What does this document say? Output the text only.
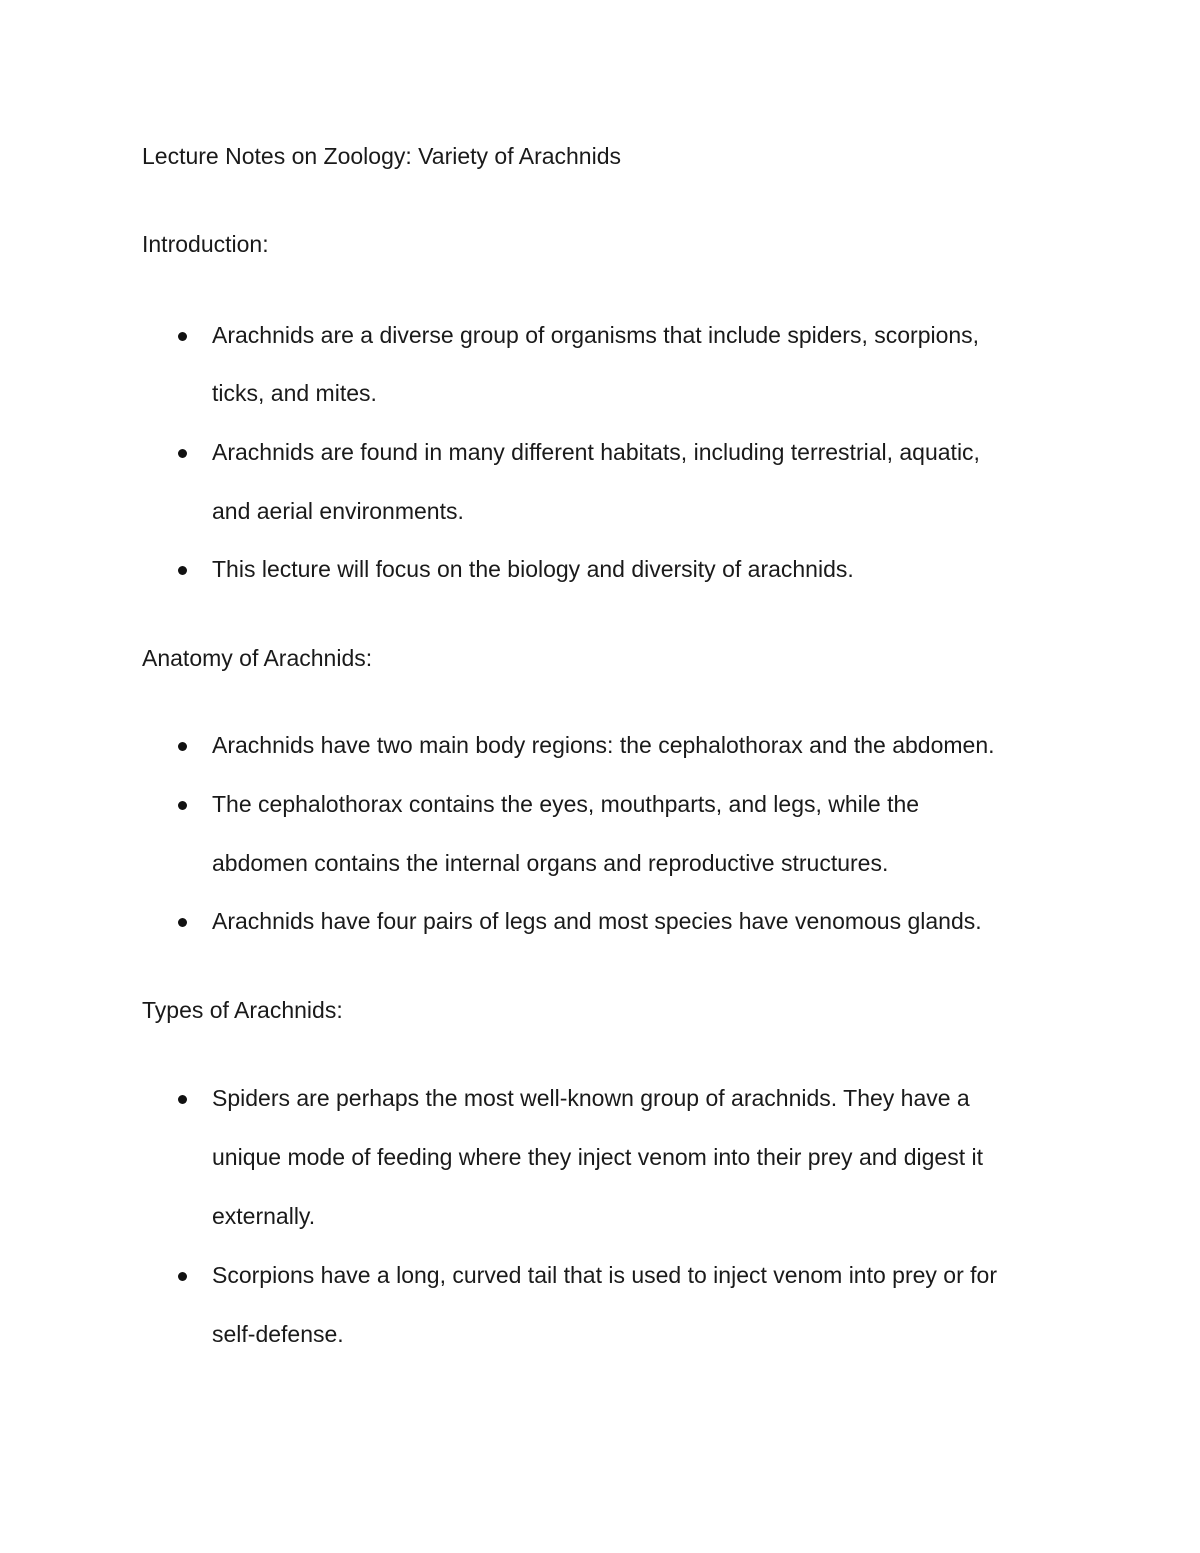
Lecture Notes on Zoology: Variety of Arachnids
Introduction:
Arachnids are a diverse group of organisms that include spiders, scorpions,
ticks, and mites.
Arachnids are found in many different habitats, including terrestrial, aquatic,
and aerial environments.
This lecture will focus on the biology and diversity of arachnids.
Anatomy of Arachnids:
Arachnids have two main body regions: the cephalothorax and the abdomen.
The cephalothorax contains the eyes, mouthparts, and legs, while the
abdomen contains the internal organs and reproductive structures.
Arachnids have four pairs of legs and most species have venomous glands.
Types of Arachnids:
Spiders are perhaps the most well-known group of arachnids. They have a
unique mode of feeding where they inject venom into their prey and digest it
externally.
Scorpions have a long, curved tail that is used to inject venom into prey or for
self-defense.
